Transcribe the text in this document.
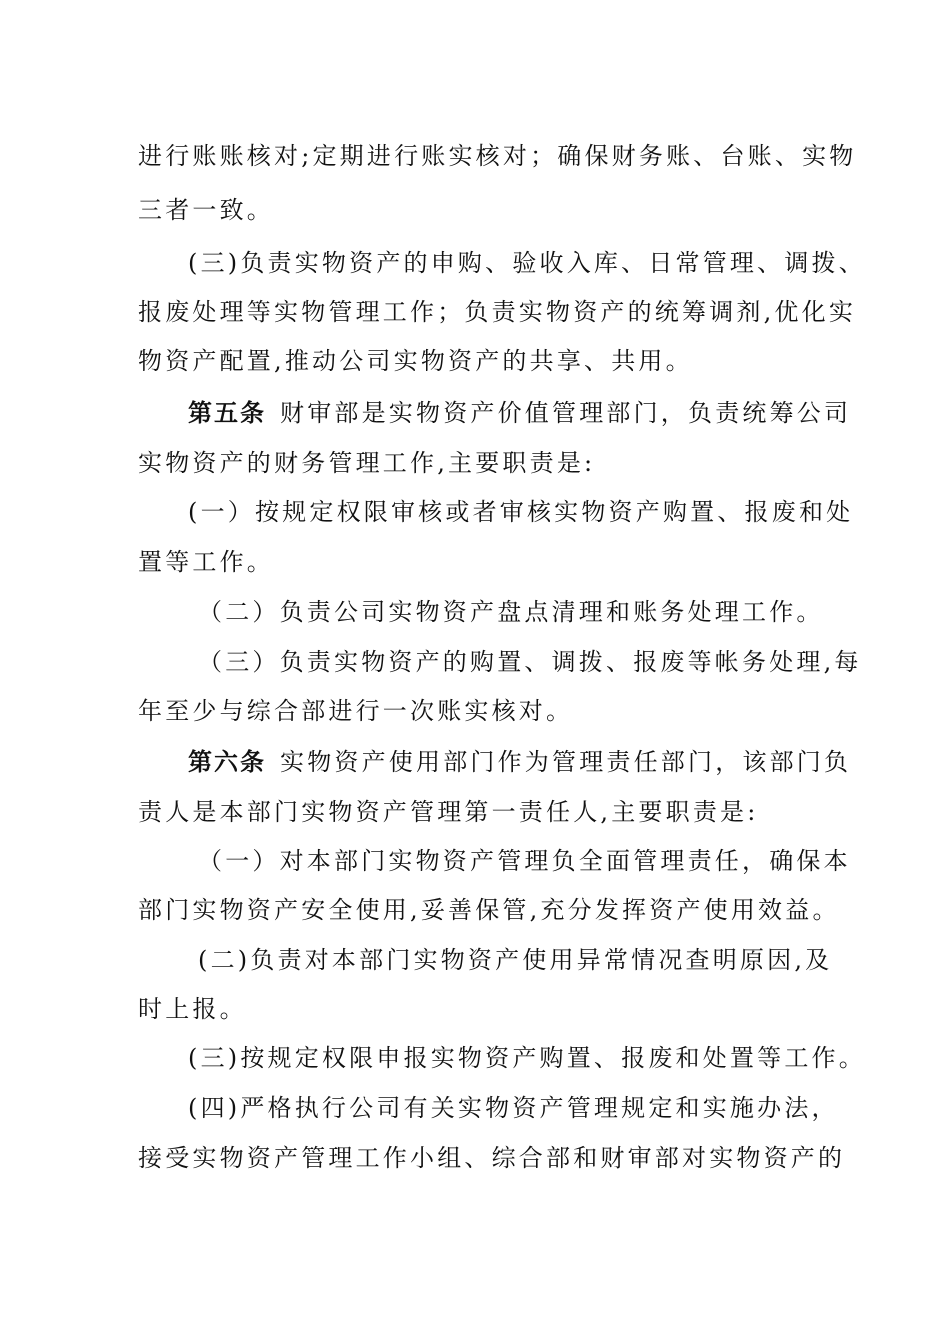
进行账账核对;定期进行账实核对；确保财务账、台账、实物
三者一致。
(三)负责实物资产的申购、验收入库、日常管理、调拨、
报废处理等实物管理工作；负责实物资产的统筹调剂,优化实
物资产配置,推动公司实物资产的共享、共用。
第五条 财审部是实物资产价值管理部门，负责统筹公司
实物资产的财务管理工作,主要职责是:
(一）按规定权限审核或者审核实物资产购置、报废和处
置等工作。
（二）负责公司实物资产盘点清理和账务处理工作。
（三）负责实物资产的购置、调拨、报废等帐务处理,每
年至少与综合部进行一次账实核对。
第六条 实物资产使用部门作为管理责任部门，该部门负
责人是本部门实物资产管理第一责任人,主要职责是:
（一）对本部门实物资产管理负全面管理责任，确保本
部门实物资产安全使用,妥善保管,充分发挥资产使用效益。
(二)负责对本部门实物资产使用异常情况查明原因,及
时上报。
(三)按规定权限申报实物资产购置、报废和处置等工作。
(四)严格执行公司有关实物资产管理规定和实施办法，
接受实物资产管理工作小组、综合部和财审部对实物资产的
